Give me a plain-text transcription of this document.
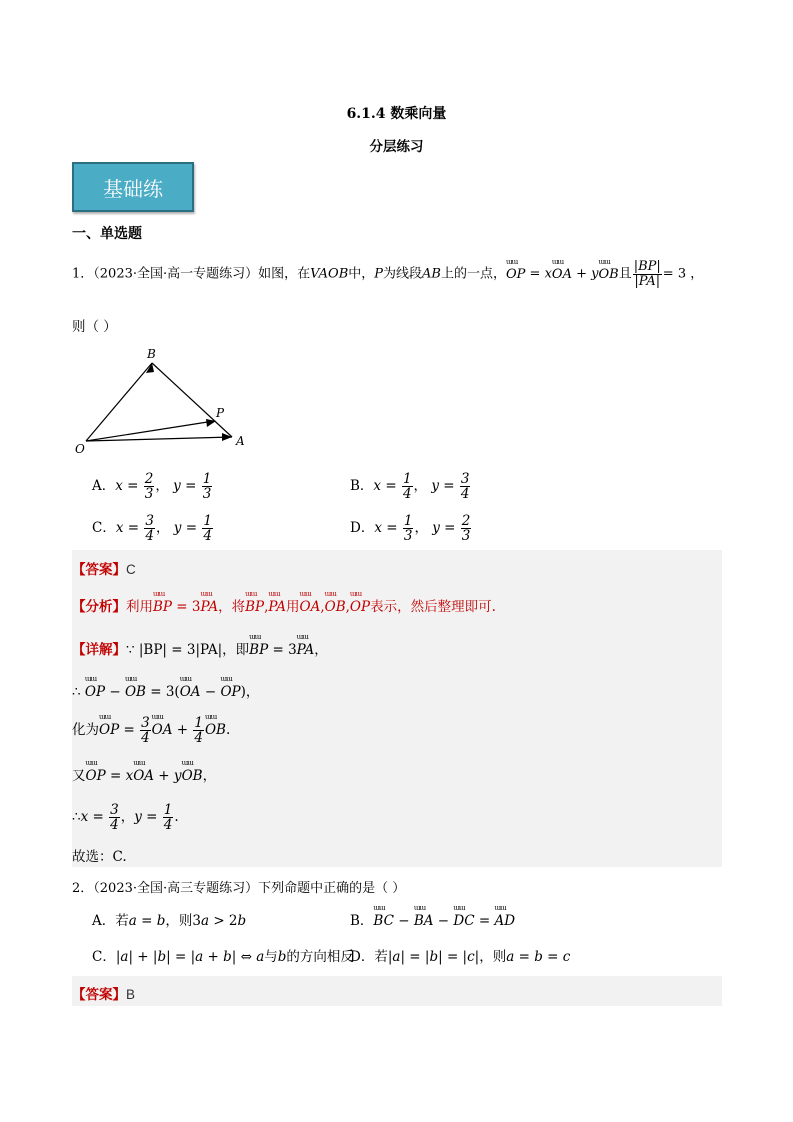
6.1.4 数乘向量
分层练习
基础练
一、单选题
1．（2023·全国·高一专题练习）如图，在VAOB中，P为线段AB上的一点，ɯɯ OP = xɯɯ OA + yɯɯ OB且 $\frac{|BP|}{|PA|} = 3$ ，
则（ ）
B
P
O
A
A．$x = \frac{2}{3}$ ， $y = \frac{1}{3}$	B．$x = \frac{1}{4}$ ， $y = \frac{3}{4}$
C．$x = \frac{3}{4}$ ， $y = \frac{1}{4}$	D．$x = \frac{1}{3}$ ， $y = \frac{2}{3}$
【答案】C
【分析】利用ɯɯ BP = 3ɯɯ PA，将ɯɯ BP,ɯɯ PA用ɯɯ OA,ɯɯ OB,ɯɯ OP表示，然后整理即可.
【详解】∵ |BP| = 3|PA|，即ɯɯ BP = 3ɯɯ PA，
∴ ɯɯ OP − ɯɯ OB = 3(ɯɯ OA − ɯɯ OP)，
化为ɯɯ OP = $\frac{3}{4}$ ɯɯ OA + $\frac{1}{4}$ ɯɯ OB.
又ɯɯ OP = xɯɯ OA + yɯɯ OB，
∴x = $\frac{3}{4}$ ，$y = \frac{1}{4}$ .
故选：C.
2．（2023·全国·高三专题练习）下列命题中正确的是（ ）
A．若a = b，则3a > 2b	B．ɯɯ BC − ɯɯ BA − ɯɯ DC = ɯɯ AD
C．|a| + |b| = |a + b| ⇔ a与b的方向相反
D．若|a| = |b| = |c|，则a = b = c
【答案】B
